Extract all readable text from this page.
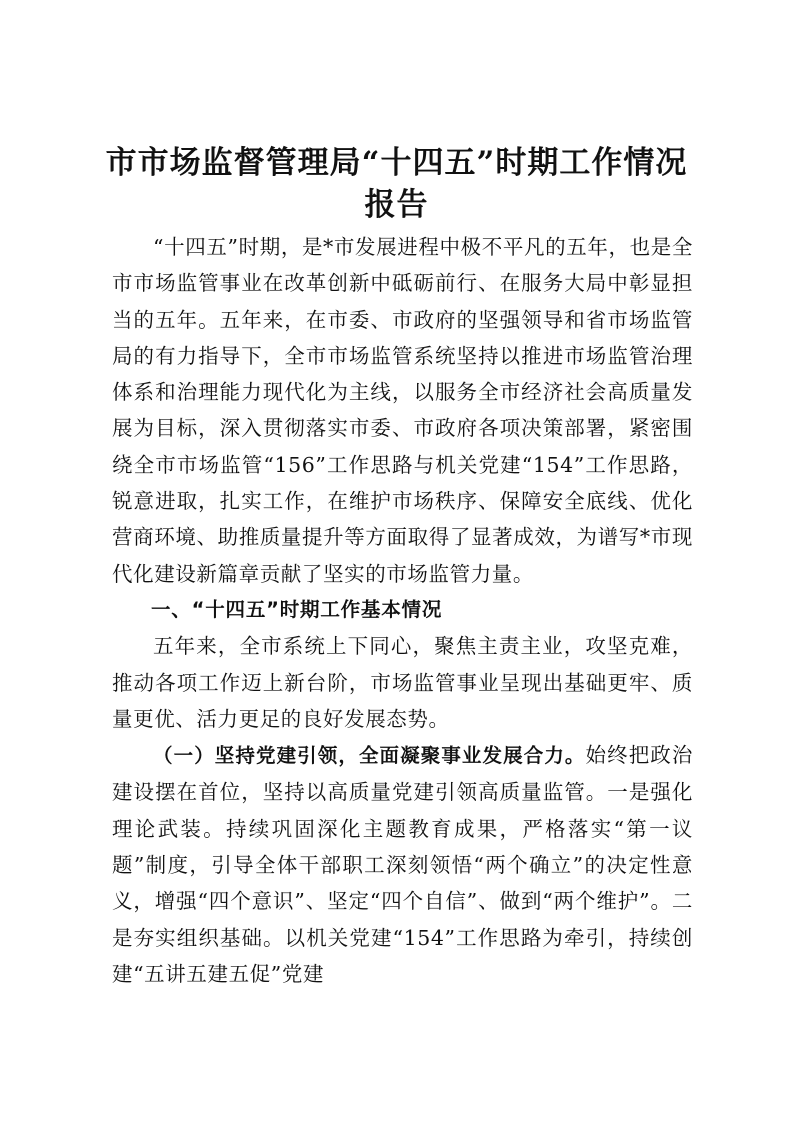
市市场监督管理局“十四五”时期工作情况报告

“十四五”时期，是*市发展进程中极不平凡的五年，也是全市市场监管事业在改革创新中砥砺前行、在服务大局中彰显担当的五年。五年来，在市委、市政府的坚强领导和省市场监管局的有力指导下，全市市场监管系统坚持以推进市场监管治理体系和治理能力现代化为主线，以服务全市经济社会高质量发展为目标，深入贯彻落实市委、市政府各项决策部署，紧密围绕全市市场监管“156”工作思路与机关党建“154”工作思路，锐意进取，扎实工作，在维护市场秩序、保障安全底线、优化营商环境、助推质量提升等方面取得了显著成效，为谱写*市现代化建设新篇章贡献了坚实的市场监管力量。

一、“十四五”时期工作基本情况

五年来，全市系统上下同心，聚焦主责主业，攻坚克难，推动各项工作迈上新台阶，市场监管事业呈现出基础更牢、质量更优、活力更足的良好发展态势。

（一）坚持党建引领，全面凝聚事业发展合力。始终把政治建设摆在首位，坚持以高质量党建引领高质量监管。一是强化理论武装。持续巩固深化主题教育成果，严格落实“第一议题”制度，引导全体干部职工深刻领悟“两个确立”的决定性意义，增强“四个意识”、坚定“四个自信”、做到“两个维护”。二是夯实组织基础。以机关党建“154”工作思路为牵引，持续创建“五讲五建五促”党建
